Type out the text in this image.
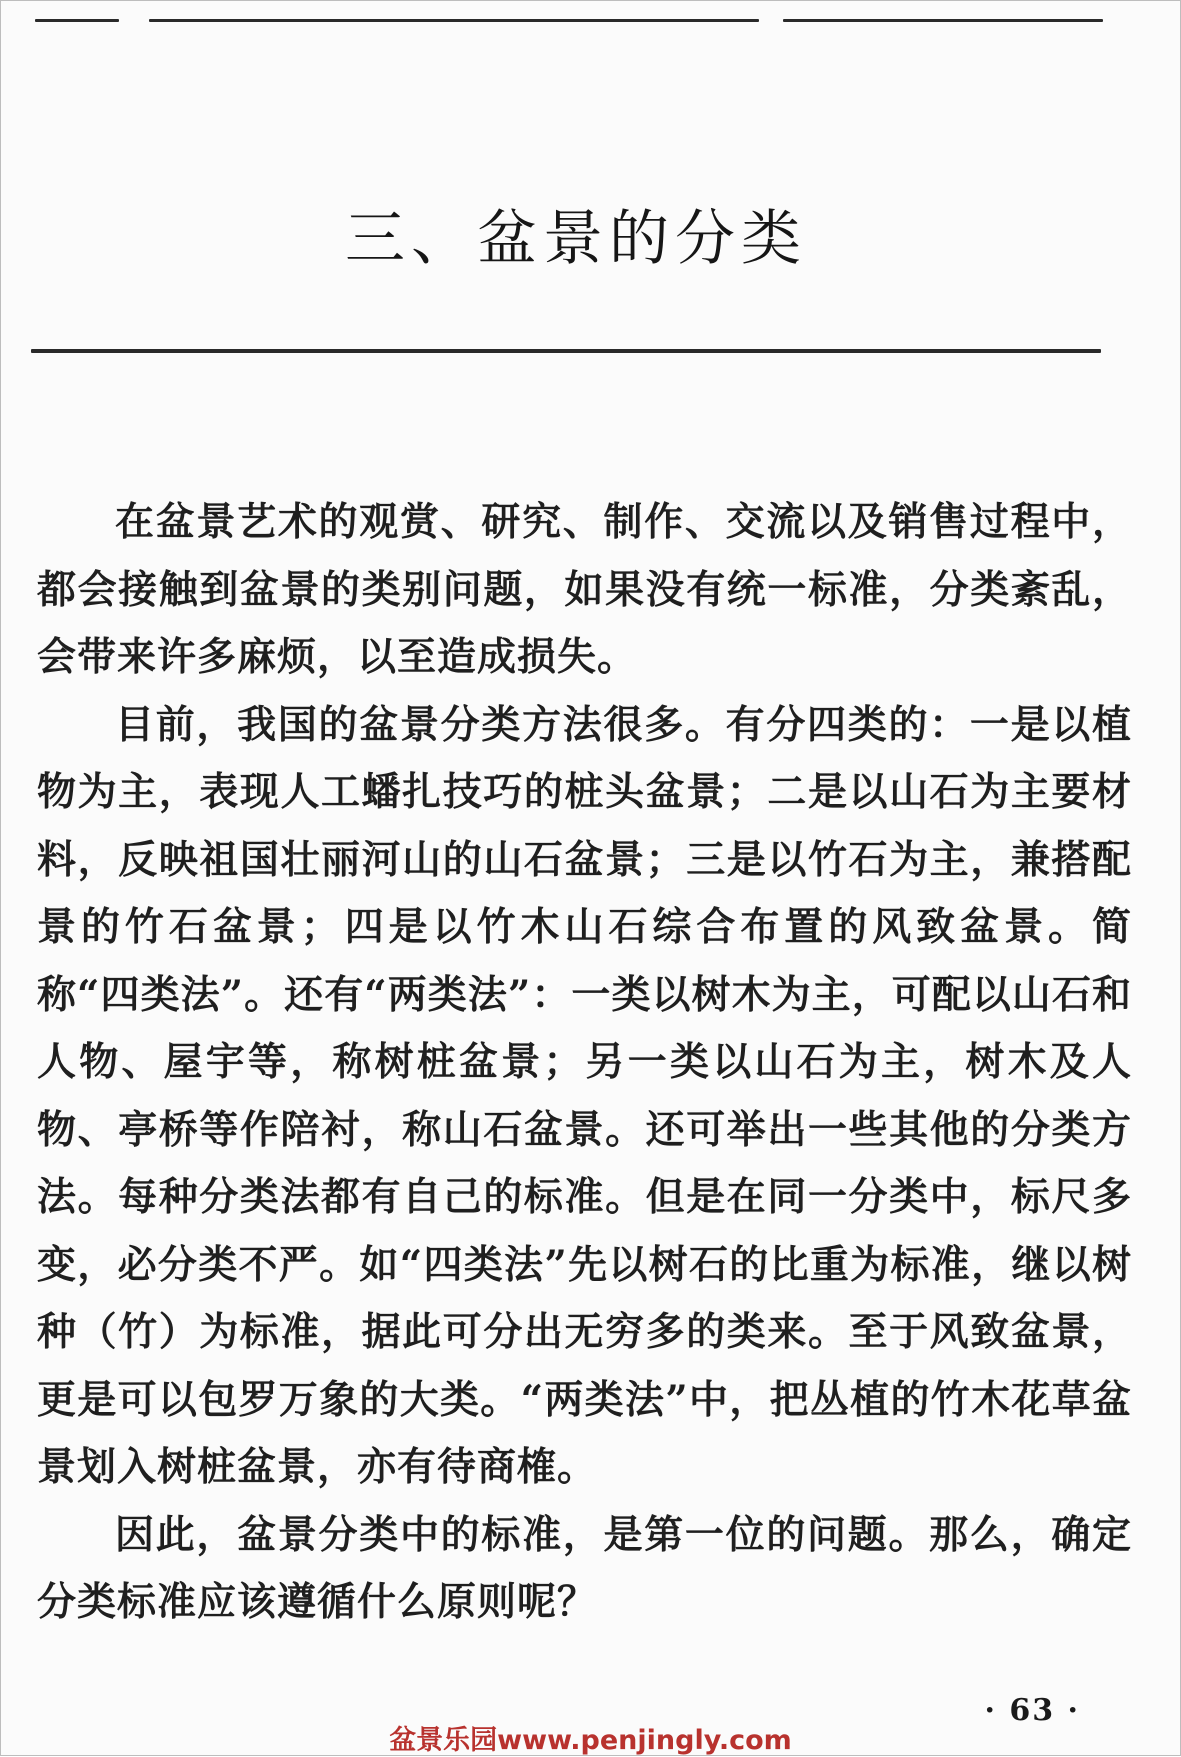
三、盆景的分类

在盆景艺术的观赏、研究、制作、交流以及销售过程中，都会接触到盆景的类别问题，如果没有统一标准，分类紊乱，会带来许多麻烦，以至造成损失。

目前，我国的盆景分类方法很多。有分四类的：一是以植物为主，表现人工蟠扎技巧的桩头盆景；二是以山石为主要材料，反映祖国壮丽河山的山石盆景；三是以竹石为主，兼搭配景的竹石盆景；四是以竹木山石综合布置的风致盆景。简称“四类法”。还有“两类法”：一类以树木为主，可配以山石和人物、屋宇等，称树桩盆景；另一类以山石为主，树木及人物、亭桥等作陪衬，称山石盆景。还可举出一些其他的分类方法。每种分类法都有自己的标准。但是在同一分类中，标尺多变，必分类不严。如“四类法”先以树石的比重为标准，继以树种（竹）为标准，据此可分出无穷多的类来。至于风致盆景，更是可以包罗万象的大类。“两类法”中，把丛植的竹木花草盆景划入树桩盆景，亦有待商榷。

因此，盆景分类中的标准，是第一位的问题。那么，确定分类标准应该遵循什么原则呢？

· 63 ·
盆景乐园www.penjingly.com
